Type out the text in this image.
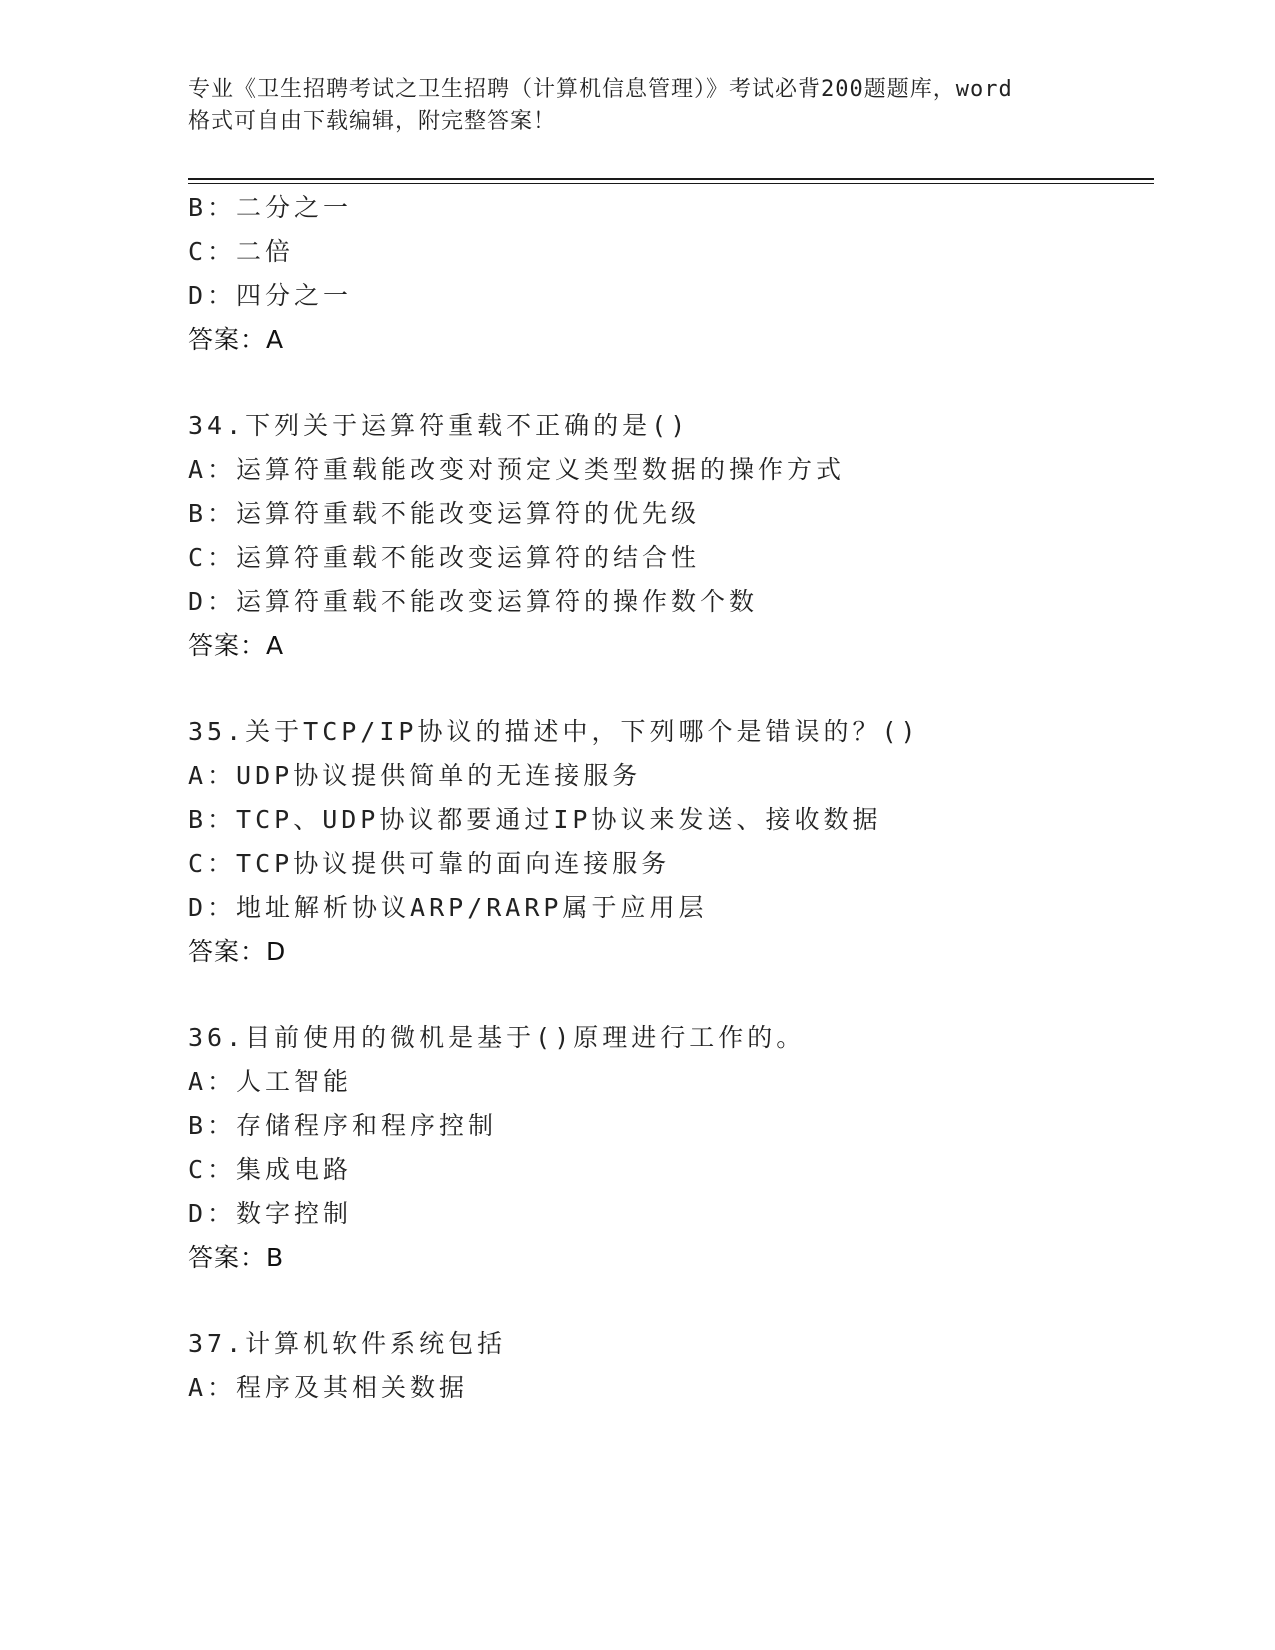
专业《卫生招聘考试之卫生招聘（计算机信息管理）》考试必背200题题库，word
格式可自由下载编辑，附完整答案！
B：二分之一
C：二倍
D：四分之一
答案：A
34.下列关于运算符重载不正确的是()
A：运算符重载能改变对预定义类型数据的操作方式
B：运算符重载不能改变运算符的优先级
C：运算符重载不能改变运算符的结合性
D：运算符重载不能改变运算符的操作数个数
答案：A
35.关于TCP/IP协议的描述中，下列哪个是错误的？()
A：UDP协议提供简单的无连接服务
B：TCP、UDP协议都要通过IP协议来发送、接收数据
C：TCP协议提供可靠的面向连接服务
D：地址解析协议ARP/RARP属于应用层
答案：D
36.目前使用的微机是基于()原理进行工作的。
A：人工智能
B：存储程序和程序控制
C：集成电路
D：数字控制
答案：B
37.计算机软件系统包括
A：程序及其相关数据
